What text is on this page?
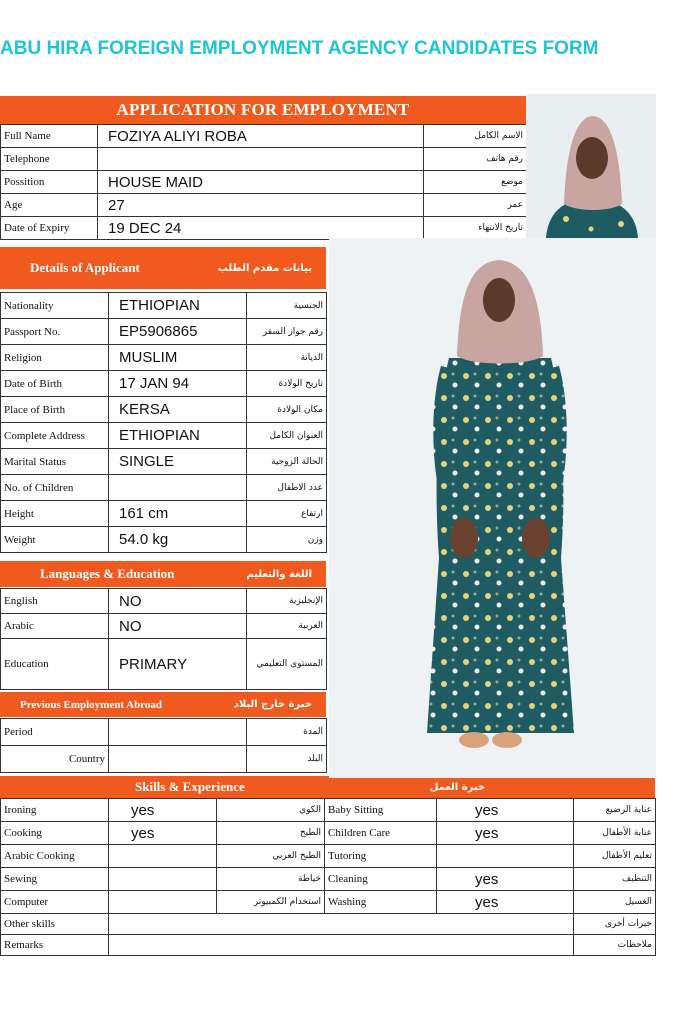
ABU HIRA FOREIGN EMPLOYMENT AGENCY CANDIDATES FORM
APPLICATION FOR EMPLOYMENT
Full Name	FOZIYA ALIYI ROBA	الاسم الكامل
Telephone		رقم هاتف
Possition	HOUSE MAID	موضع
Age	27	عمر
Date of Expiry	19 DEC 24	تاريخ الانتهاء
Details of Applicant	بيانات مقدم الطلب
Nationality	ETHIOPIAN	الجنسية
Passport No.	EP5906865	رقم جواز السفر
Religion	MUSLIM	الديانة
Date of Birth	17 JAN 94	تاريخ الولادة
Place of Birth	KERSA	مكان الولادة
Complete Address	ETHIOPIAN	العنوان الكامل
Marital Status	SINGLE	الحالة الزوجية
No. of Children		عدد الاطفال
Height	161 cm	ارتفاع
Weight	54.0 kg	وزن
Languages & Education	اللغة والتعليم
English	NO	الإنجليزية
Arabic	NO	العربية
Education	PRIMARY	المستوى التعليمي
Previous Employment Abroad	خبرة خارج البلاد
Period		المدة
Country		البلد
Skills & Experience	خبرة العمل
Ironing	yes	الكوي	Baby Sitting	yes	عناية الرضيع
Cooking	yes	الطبخ	Children Care	yes	عناية الأطفال
Arabic Cooking		الطبخ العربي	Tutoring		تعليم الأطفال
Sewing		خياطة	Cleaning	yes	التنظيف
Computer		استخدام الكمبيوتر	Washing	yes	الغسيل
Other skills					خبرات أخرى
Remarks					ملاحظات
